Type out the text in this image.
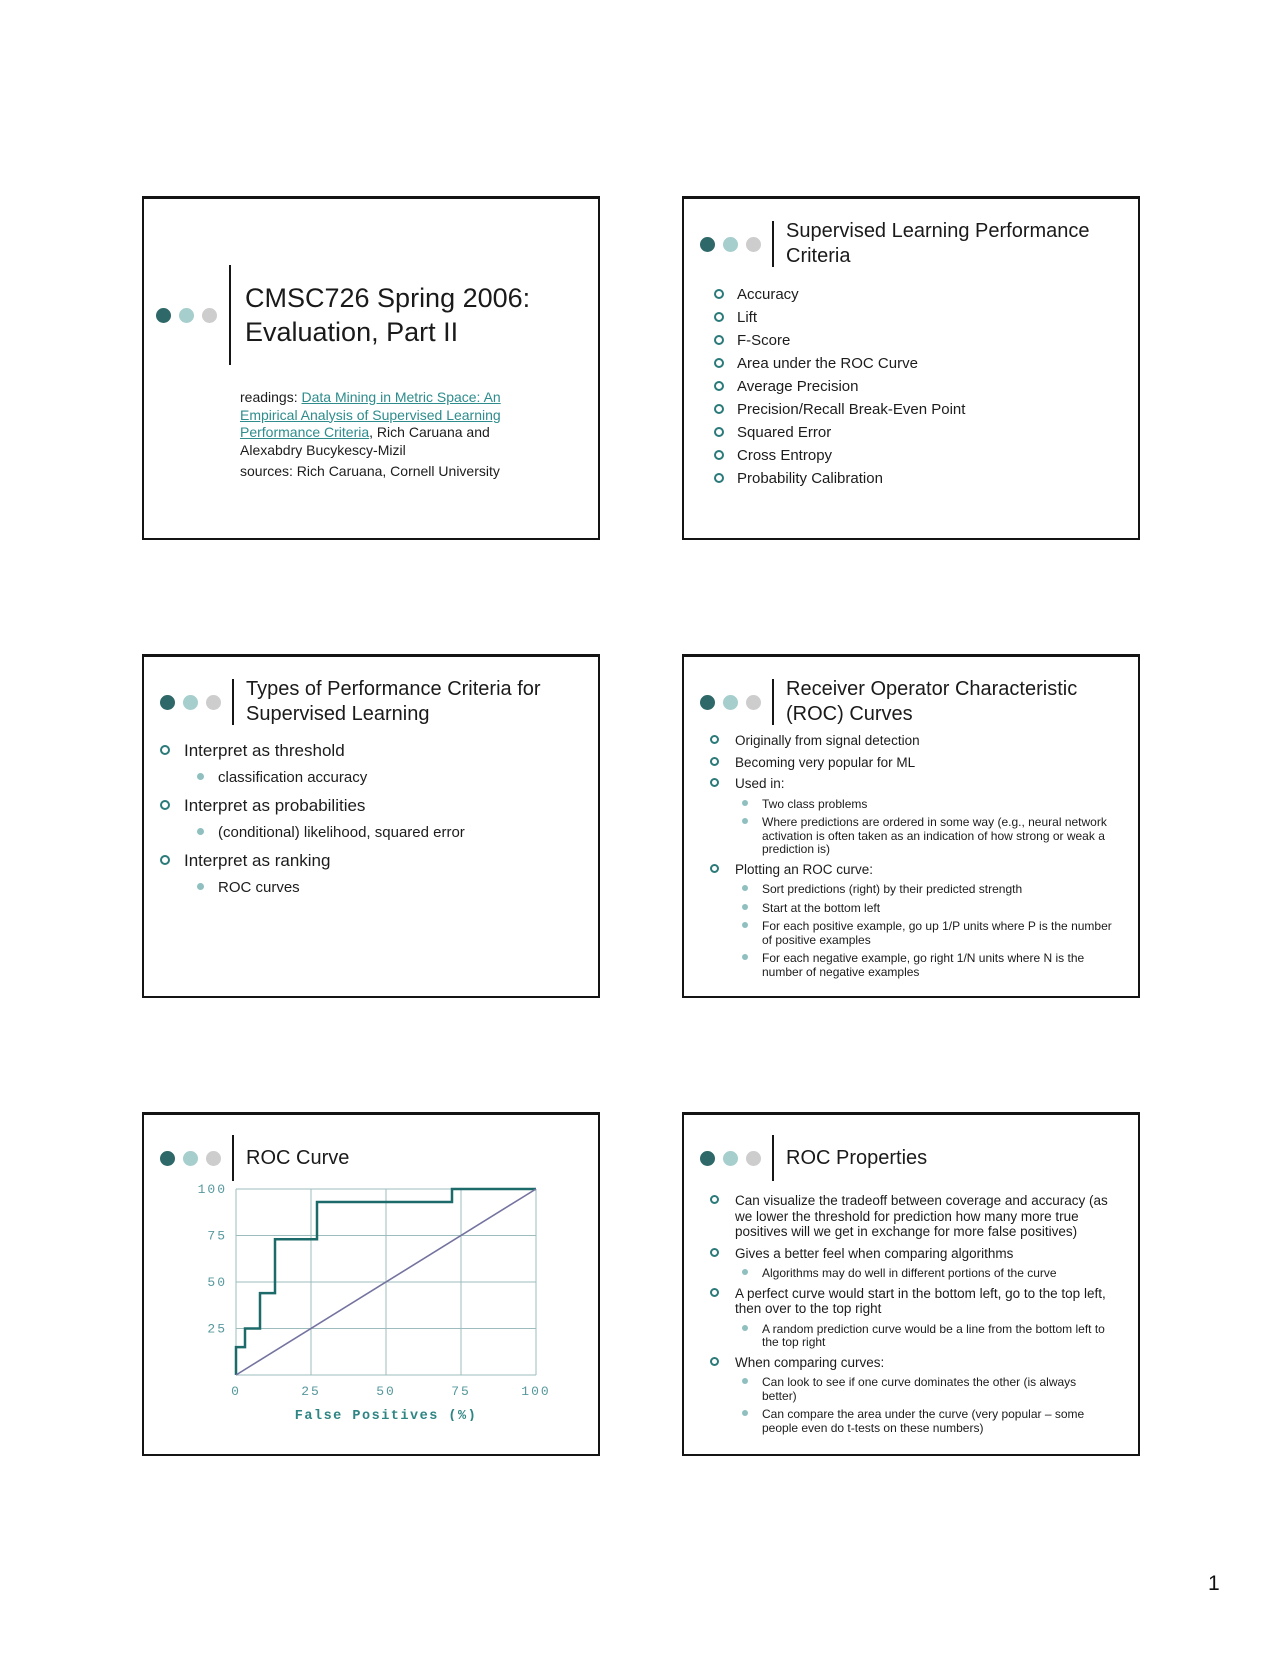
CMSC726 Spring 2006: Evaluation, Part II
readings: Data Mining in Metric Space: An Empirical Analysis of Supervised Learning Performance Criteria, Rich Caruana and Alexabdry Bucykescy-Mizil
sources: Rich Caruana, Cornell University
Supervised Learning Performance Criteria
Accuracy
Lift
F-Score
Area under the ROC Curve
Average Precision
Precision/Recall Break-Even Point
Squared Error
Cross Entropy
Probability Calibration
Types of Performance Criteria for Supervised Learning
Interpret as threshold
classification accuracy
Interpret as probabilities
(conditional) likelihood, squared error
Interpret as ranking
ROC curves
Receiver Operator Characteristic (ROC) Curves
Originally from signal detection
Becoming very popular for ML
Used in:
Two class problems
Where predictions are ordered in some way (e.g., neural network activation is often taken as an indication of how strong or weak a prediction is)
Plotting an ROC curve:
Sort predictions (right) by their predicted strength
Start at the bottom left
For each positive example, go up 1/P units where P is the number of positive examples
For each negative example, go right 1/N units where N is the number of negative examples
ROC Curve
25
50
75
100
0	25	50	75	100
False Positives (%)
ROC Properties
Can visualize the tradeoff between coverage and accuracy (as we lower the threshold for prediction how many more true positives will we get in exchange for more false positives)
Gives a better feel when comparing algorithms
Algorithms may do well in different portions of the curve
A perfect curve would start in the bottom left, go to the top left, then over to the top right
A random prediction curve would be a line from the bottom left to the top right
When comparing curves:
Can look to see if one curve dominates the other (is always better)
Can compare the area under the curve (very popular – some people even do t-tests on these numbers)
1
